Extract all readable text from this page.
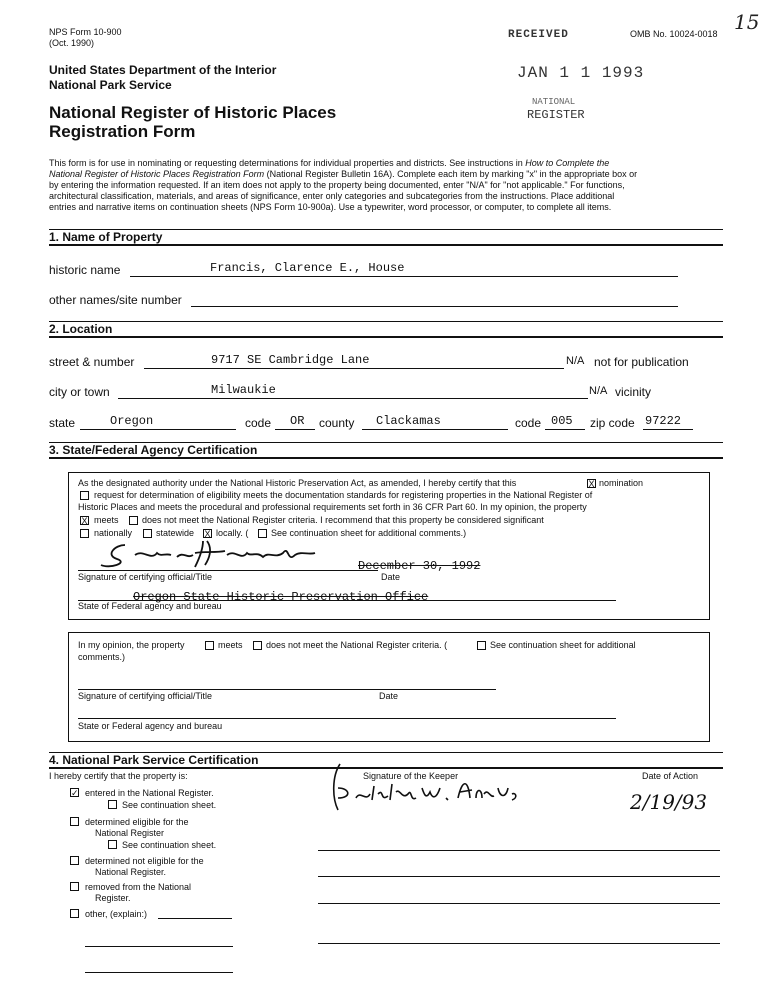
NPS Form 10-900
(Oct. 1990)
RECEIVED	OMB No. 10024-0018 15
United States Department of the Interior
National Park Service
JAN 1 1 1993
NATIONAL
REGISTER
National Register of Historic Places
Registration Form
This form is for use in nominating or requesting determinations for individual properties and districts. See instructions in How to Complete the
National Register of Historic Places Registration Form (National Register Bulletin 16A). Complete each item by marking "x" in the appropriate box or
by entering the information requested. If an item does not apply to the property being documented, enter "N/A" for "not applicable." For functions,
architectural classification, materials, and areas of significance, enter only categories and subcategories from the instructions. Place additional
entries and narrative items on continuation sheets (NPS Form 10-900a). Use a typewriter, word processor, or computer, to complete all items.
1. Name of Property
historic name	Francis, Clarence E., House
other names/site number
2. Location
street & number	9717 SE Cambridge Lane	N/A not for publication
city or town	Milwaukie	N/A vicinity
state	Oregon	code OR county Clackamas	code 005 zip code 97222
3. State/Federal Agency Certification
As the designated authority under the National Historic Preservation Act, as amended, I hereby certify that this	X nomination
request for determination of eligibility meets the documentation standards for registering properties in the National Register of
Historic Places and meets the procedural and professional requirements set forth in 36 CFR Part 60. In my opinion, the property
X meets	does not meet the National Register criteria. I recommend that this property be considered significant
nationally	statewide X locally. (	See continuation sheet for additional comments.)
Signature of certifying official/Title
December 30, 1992
Date
Oregon State Historic Preservation Office
State of Federal agency and bureau
In my opinion, the property	meets	does not meet the National Register criteria. (	See continuation sheet for additional
comments.)
Signature of certifying official/Title	Date
State or Federal agency and bureau
4. National Park Service Certification
I hereby certify that the property is:	Signature of the Keeper	Date of Action
2/19/93
✓ entered in the National Register.
See continuation sheet.
determined eligible for the
National Register
See continuation sheet.
determined not eligible for the
National Register.
removed from the National
Register.
other, (explain:)
